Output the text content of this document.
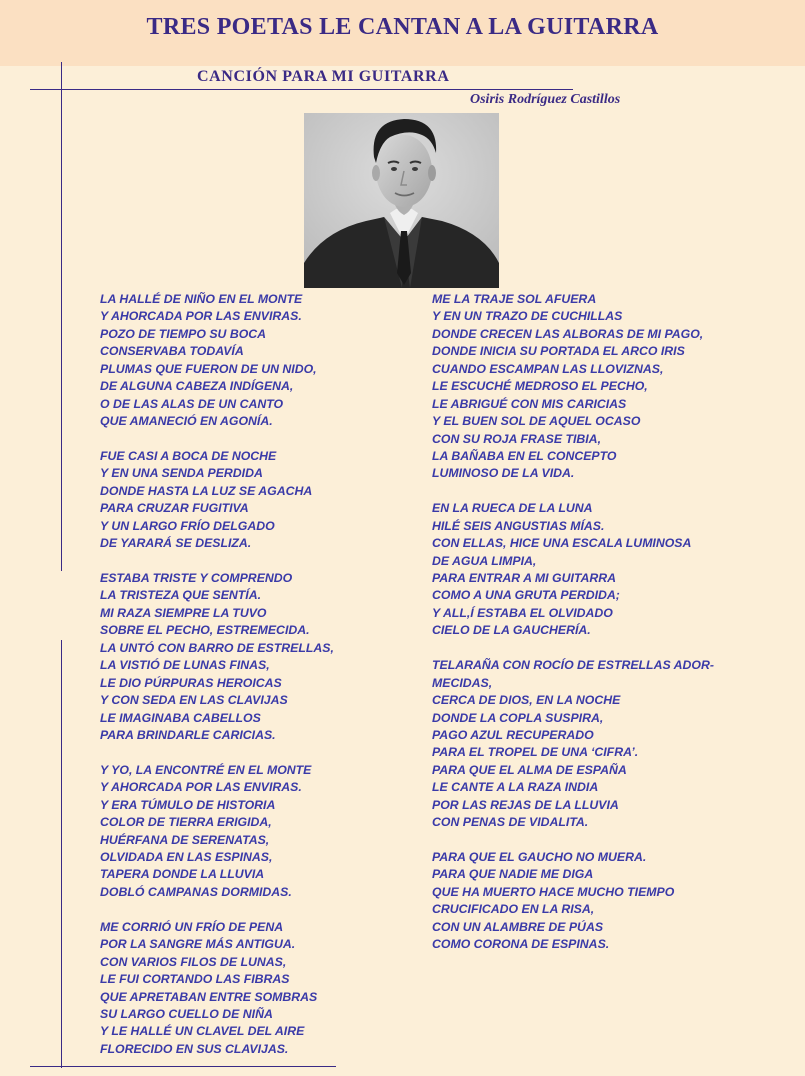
TRES POETAS LE CANTAN A LA GUITARRA
CANCIÓN PARA MI GUITARRA

Osiris Rodríguez Castillos

LA HALLÉ DE NIÑO EN EL MONTE
Y AHORCADA POR LAS ENVIRAS.
POZO DE TIEMPO SU BOCA
CONSERVABA TODAVÍA
PLUMAS QUE FUERON DE UN NIDO,
DE ALGUNA CABEZA INDÍGENA,
O DE LAS ALAS DE UN CANTO
QUE AMANECIÓ EN AGONÍA.
FUE CASI A BOCA DE NOCHE
Y EN UNA SENDA PERDIDA
DONDE HASTA LA LUZ SE AGACHA
PARA CRUZAR FUGITIVA
Y UN LARGO FRÍO DELGADO
DE YARARÁ SE DESLIZA.
ESTABA TRISTE Y COMPRENDO
LA TRISTEZA QUE SENTÍA.
MI RAZA SIEMPRE LA TUVO
SOBRE EL PECHO, ESTREMECIDA.
LA UNTÓ CON BARRO DE ESTRELLAS,
LA VISTIÓ DE LUNAS FINAS,
LE DIO PÚRPURAS HEROICAS
Y CON SEDA EN LAS CLAVIJAS
LE IMAGINABA CABELLOS
PARA BRINDARLE CARICIAS.
Y YO, LA ENCONTRÉ EN EL MONTE
Y AHORCADA POR LAS ENVIRAS.
Y ERA TÚMULO DE HISTORIA
COLOR DE TIERRA ERIGIDA,
HUÉRFANA DE SERENATAS,
OLVIDADA EN LAS ESPINAS,
TAPERA DONDE LA LLUVIA
DOBLÓ CAMPANAS DORMIDAS.
ME CORRIÓ UN FRÍO DE PENA
POR LA SANGRE MÁS ANTIGUA.
CON VARIOS FILOS DE LUNAS,
LE FUI CORTANDO LAS FIBRAS
QUE APRETABAN ENTRE SOMBRAS
SU LARGO CUELLO DE NIÑA
Y LE HALLÉ UN CLAVEL DEL AIRE
FLORECIDO EN SUS CLAVIJAS.
ME LA TRAJE SOL AFUERA
Y EN UN TRAZO DE CUCHILLAS
DONDE CRECEN LAS ALBORAS DE MI PAGO,
DONDE INICIA SU PORTADA EL ARCO IRIS
CUANDO ESCAMPAN LAS LLOVIZNAS,
LE ESCUCHÉ MEDROSO EL PECHO,
LE ABRIGUÉ CON MIS CARICIAS
Y EL BUEN SOL DE AQUEL OCASO
CON SU ROJA FRASE TIBIA,
LA BAÑABA EN EL CONCEPTO
LUMINOSO DE LA VIDA.
EN LA RUECA DE LA LUNA
HILÉ SEIS ANGUSTIAS MÍAS.
CON ELLAS, HICE UNA ESCALA LUMINOSA
DE AGUA LIMPIA,
PARA ENTRAR A MI GUITARRA
COMO A UNA GRUTA PERDIDA;
Y ALL,Í ESTABA EL OLVIDADO
CIELO DE LA GAUCHERÍA.
TELARAÑA CON ROCÍO DE ESTRELLAS ADOR-
MECIDAS,
CERCA DE DIOS, EN LA NOCHE
DONDE LA COPLA SUSPIRA,
PAGO AZUL RECUPERADO
PARA EL TROPEL DE UNA ‘CIFRA’.
PARA QUE EL ALMA DE ESPAÑA
LE CANTE A LA RAZA INDIA
POR LAS REJAS DE LA LLUVIA
CON PENAS DE VIDALITA.
PARA QUE EL GAUCHO NO MUERA.
PARA QUE NADIE ME DIGA
QUE HA MUERTO HACE MUCHO TIEMPO
CRUCIFICADO EN LA RISA,
CON UN ALAMBRE DE PÚAS
COMO CORONA DE ESPINAS.
